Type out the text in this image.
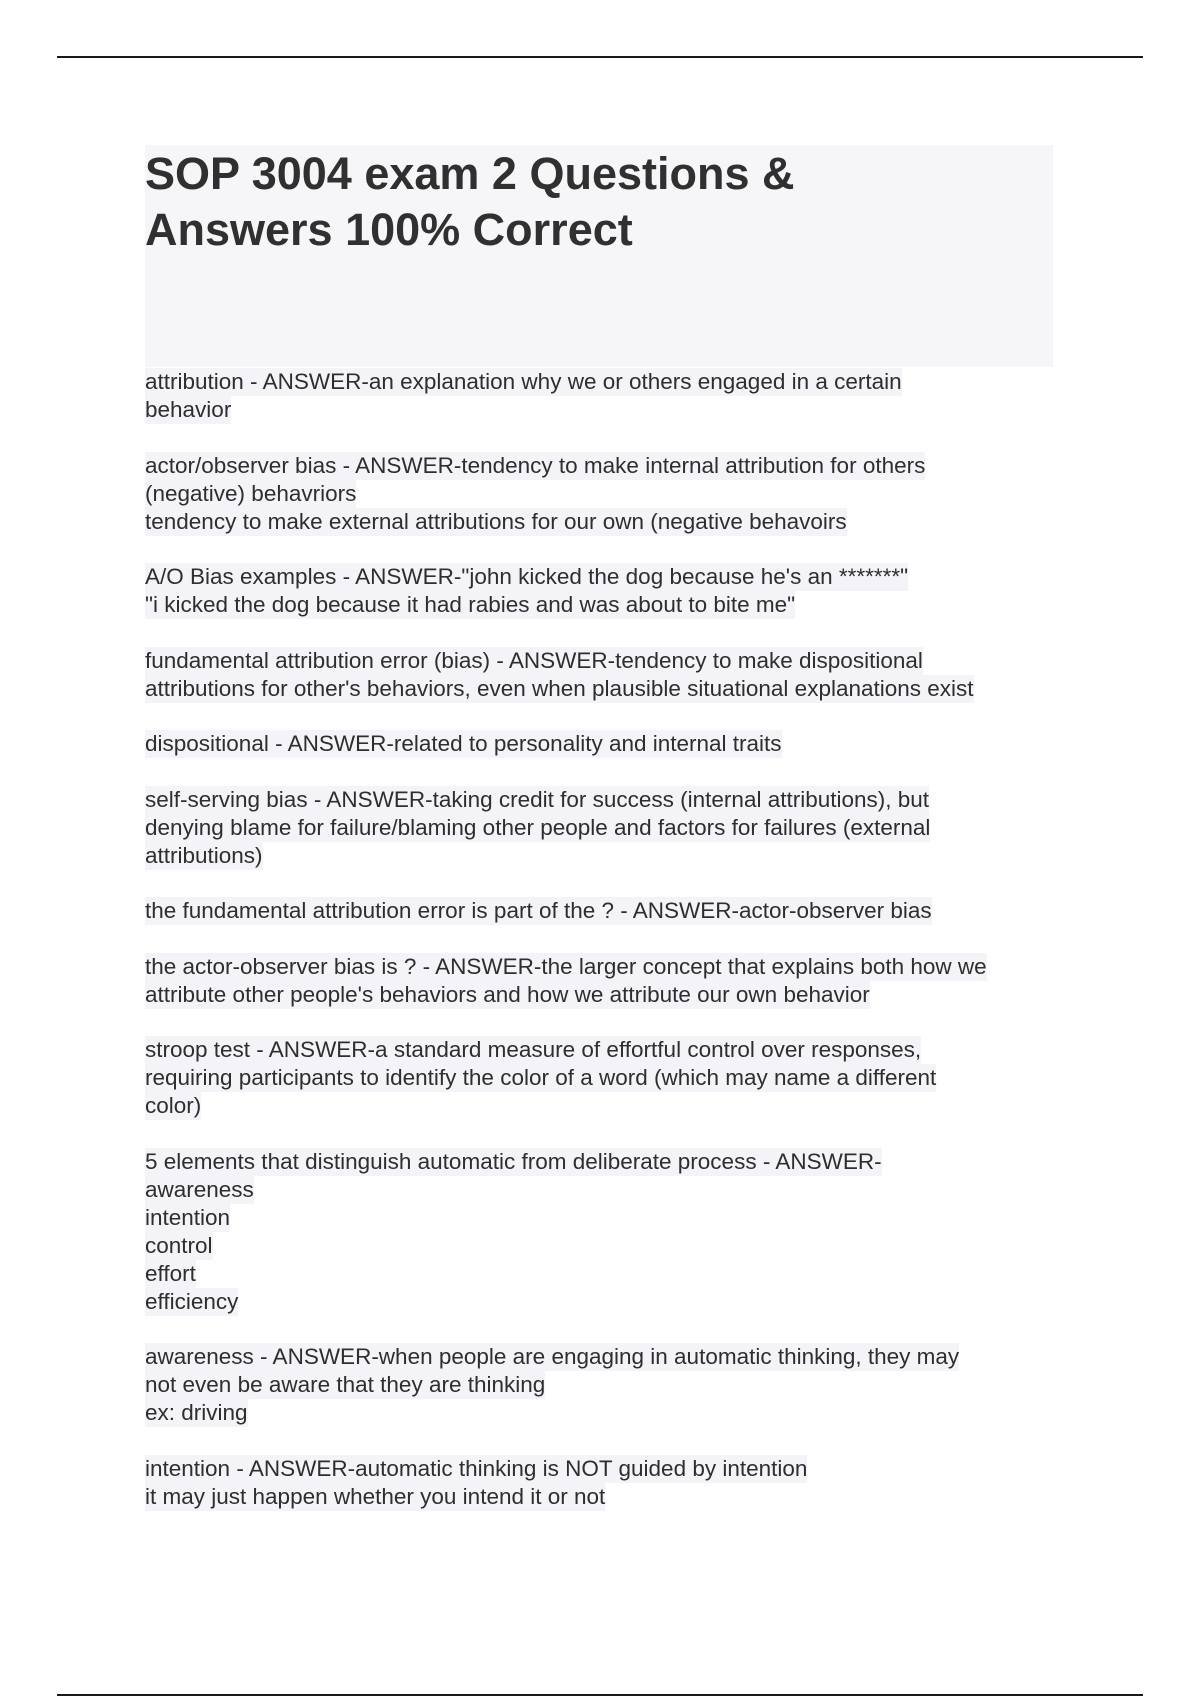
SOP 3004 exam 2 Questions &
Answers 100% Correct
attribution - ANSWER-an explanation why we or others engaged in a certain
behavior
actor/observer bias - ANSWER-tendency to make internal attribution for others
(negative) behavriors
tendency to make external attributions for our own (negative behavoirs
A/O Bias examples - ANSWER-"john kicked the dog because he's an *******"
"i kicked the dog because it had rabies and was about to bite me"
fundamental attribution error (bias) - ANSWER-tendency to make dispositional
attributions for other's behaviors, even when plausible situational explanations exist
dispositional - ANSWER-related to personality and internal traits
self-serving bias - ANSWER-taking credit for success (internal attributions), but
denying blame for failure/blaming other people and factors for failures (external
attributions)
the fundamental attribution error is part of the ? - ANSWER-actor-observer bias
the actor-observer bias is ? - ANSWER-the larger concept that explains both how we
attribute other people's behaviors and how we attribute our own behavior
stroop test - ANSWER-a standard measure of effortful control over responses,
requiring participants to identify the color of a word (which may name a different
color)
5 elements that distinguish automatic from deliberate process - ANSWER-
awareness
intention
control
effort
efficiency
awareness - ANSWER-when people are engaging in automatic thinking, they may
not even be aware that they are thinking
ex: driving
intention - ANSWER-automatic thinking is NOT guided by intention
it may just happen whether you intend it or not
